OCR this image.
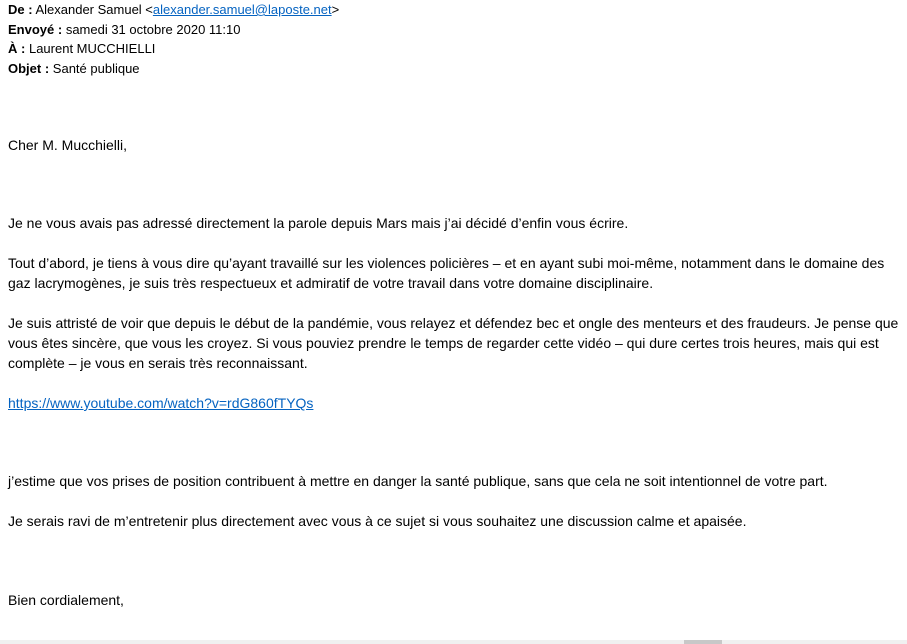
De : Alexander Samuel <alexander.samuel@laposte.net>
Envoyé : samedi 31 octobre 2020 11:10
À : Laurent MUCCHIELLI
Objet : Santé publique

Cher M. Mucchielli,

Je ne vous avais pas adressé directement la parole depuis Mars mais j’ai décidé d’enfin vous écrire.

Tout d’abord, je tiens à vous dire qu’ayant travaillé sur les violences policières – et en ayant subi moi-même, notamment dans le domaine des gaz lacrymogènes, je suis très respectueux et admiratif de votre travail dans votre domaine disciplinaire.

Je suis attristé de voir que depuis le début de la pandémie, vous relayez et défendez bec et ongle des menteurs et des fraudeurs. Je pense que vous êtes sincère, que vous les croyez. Si vous pouviez prendre le temps de regarder cette vidéo – qui dure certes trois heures, mais qui est complète – je vous en serais très reconnaissant.

https://www.youtube.com/watch?v=rdG860fTYQs

j’estime que vos prises de position contribuent à mettre en danger la santé publique, sans que cela ne soit intentionnel de votre part.

Je serais ravi de m’entretenir plus directement avec vous à ce sujet si vous souhaitez une discussion calme et apaisée.

Bien cordialement,
